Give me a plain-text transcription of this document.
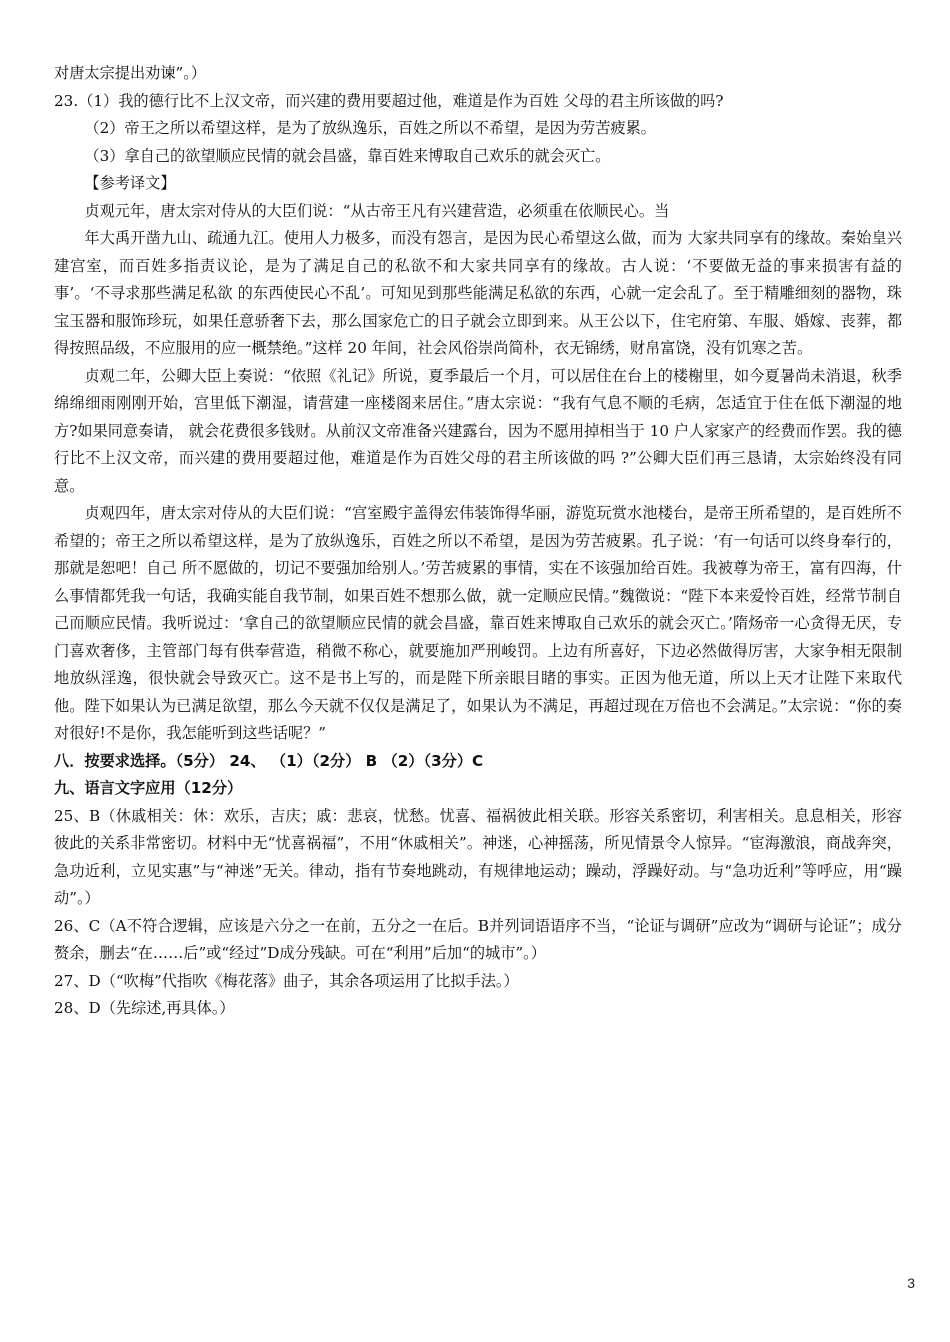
对唐太宗提出劝谏”。）

23.（1）我的德行比不上汉文帝，而兴建的费用要超过他，难道是作为百姓 父母的君主所该做的吗?

（2）帝王之所以希望这样，是为了放纵逸乐，百姓之所以不希望，是因为劳苦疲累。

（3）拿自己的欲望顺应民情的就会昌盛，靠百姓来博取自己欢乐的就会灭亡。

【参考译文】

贞观元年，唐太宗对侍从的大臣们说：“从古帝王凡有兴建营造，必须重在依顺民心。当

年大禹开凿九山、疏通九江。使用人力极多，而没有怨言，是因为民心希望这么做，而为 大家共同享有的缘故。秦始皇兴建宫室，而百姓多指责议论，是为了满足自己的私欲不和大家共同享有的缘故。古人说：‘不要做无益的事来损害有益的事’。‘不寻求那些满足私欲 的东西使民心不乱’。可知见到那些能满足私欲的东西，心就一定会乱了。至于精雕细刻的器物，珠宝玉器和服饰珍玩，如果任意骄奢下去，那么国家危亡的日子就会立即到来。从王公以下，住宅府第、车服、婚嫁、丧葬，都得按照品级，不应服用的应一概禁绝。”这样 20 年间，社会风俗崇尚简朴，衣无锦绣，财帛富饶，没有饥寒之苦。

贞观二年，公卿大臣上奏说：“依照《礼记》所说，夏季最后一个月，可以居住在台上的楼榭里，如今夏暑尚未消退，秋季绵绵细雨刚刚开始，宫里低下潮湿，请营建一座楼阁来居住。”唐太宗说：“我有气息不顺的毛病，怎适宜于住在低下潮湿的地方?如果同意奏请， 就会花费很多钱财。从前汉文帝准备兴建露台，因为不愿用掉相当于 10 户人家家产的经费而作罢。我的德行比不上汉文帝，而兴建的费用要超过他，难道是作为百姓父母的君主所该做的吗 ?”公卿大臣们再三恳请，太宗始终没有同意。

贞观四年，唐太宗对侍从的大臣们说：“宫室殿宇盖得宏伟装饰得华丽，游览玩赏水池楼台，是帝王所希望的，是百姓所不希望的；帝王之所以希望这样，是为了放纵逸乐，百姓之所以不希望，是因为劳苦疲累。孔子说：‘有一句话可以终身奉行的，那就是恕吧！自己 所不愿做的，切记不要强加给别人。’劳苦疲累的事情，实在不该强加给百姓。我被尊为帝王，富有四海，什么事情都凭我一句话，我确实能自我节制，如果百姓不想那么做，就一定顺应民情。”魏徵说：“陛下本来爱怜百姓，经常节制自己而顺应民情。我听说过：‘拿自己的欲望顺应民情的就会昌盛，靠百姓来博取自己欢乐的就会灭亡。’隋炀帝一心贪得无厌，专门喜欢奢侈，主管部门每有供奉营造，稍微不称心，就要施加严刑峻罚。上边有所喜好，下边必然做得厉害，大家争相无限制地放纵淫逸，很快就会导致灭亡。这不是书上写的，而是陛下所亲眼目睹的事实。正因为他无道，所以上天才让陛下来取代他。陛下如果认为已满足欲望，那么今天就不仅仅是满足了，如果认为不满足，再超过现在万倍也不会满足。”太宗说：“你的奏对很好!不是你，我怎能听到这些话呢？”

八．按要求选择。（5分） 24、 （1）（2分） B （2）（3分）C

九、语言文字应用（12分）

25、B（休戚相关：休：欢乐，吉庆；戚：悲哀，忧愁。忧喜、福祸彼此相关联。形容关系密切，利害相关。息息相关，形容彼此的关系非常密切。材料中无“忧喜祸福”，不用“休戚相关”。神迷，心神摇荡，所见情景令人惊异。“宦海激浪，商战奔突，急功近利，立见实惠”与“神迷”无关。律动，指有节奏地跳动，有规律地运动；躁动，浮躁好动。与“急功近利”等呼应，用“躁动”。）

26、C（A不符合逻辑，应该是六分之一在前，五分之一在后。B并列词语语序不当，“论证与调研”应改为“调研与论证”；成分赘余，删去“在……后”或“经过”D成分残缺。可在“利用”后加“的城市”。）

27、D（“吹梅”代指吹《梅花落》曲子，其余各项运用了比拟手法。）

28、D（先综述,再具体。）

3
